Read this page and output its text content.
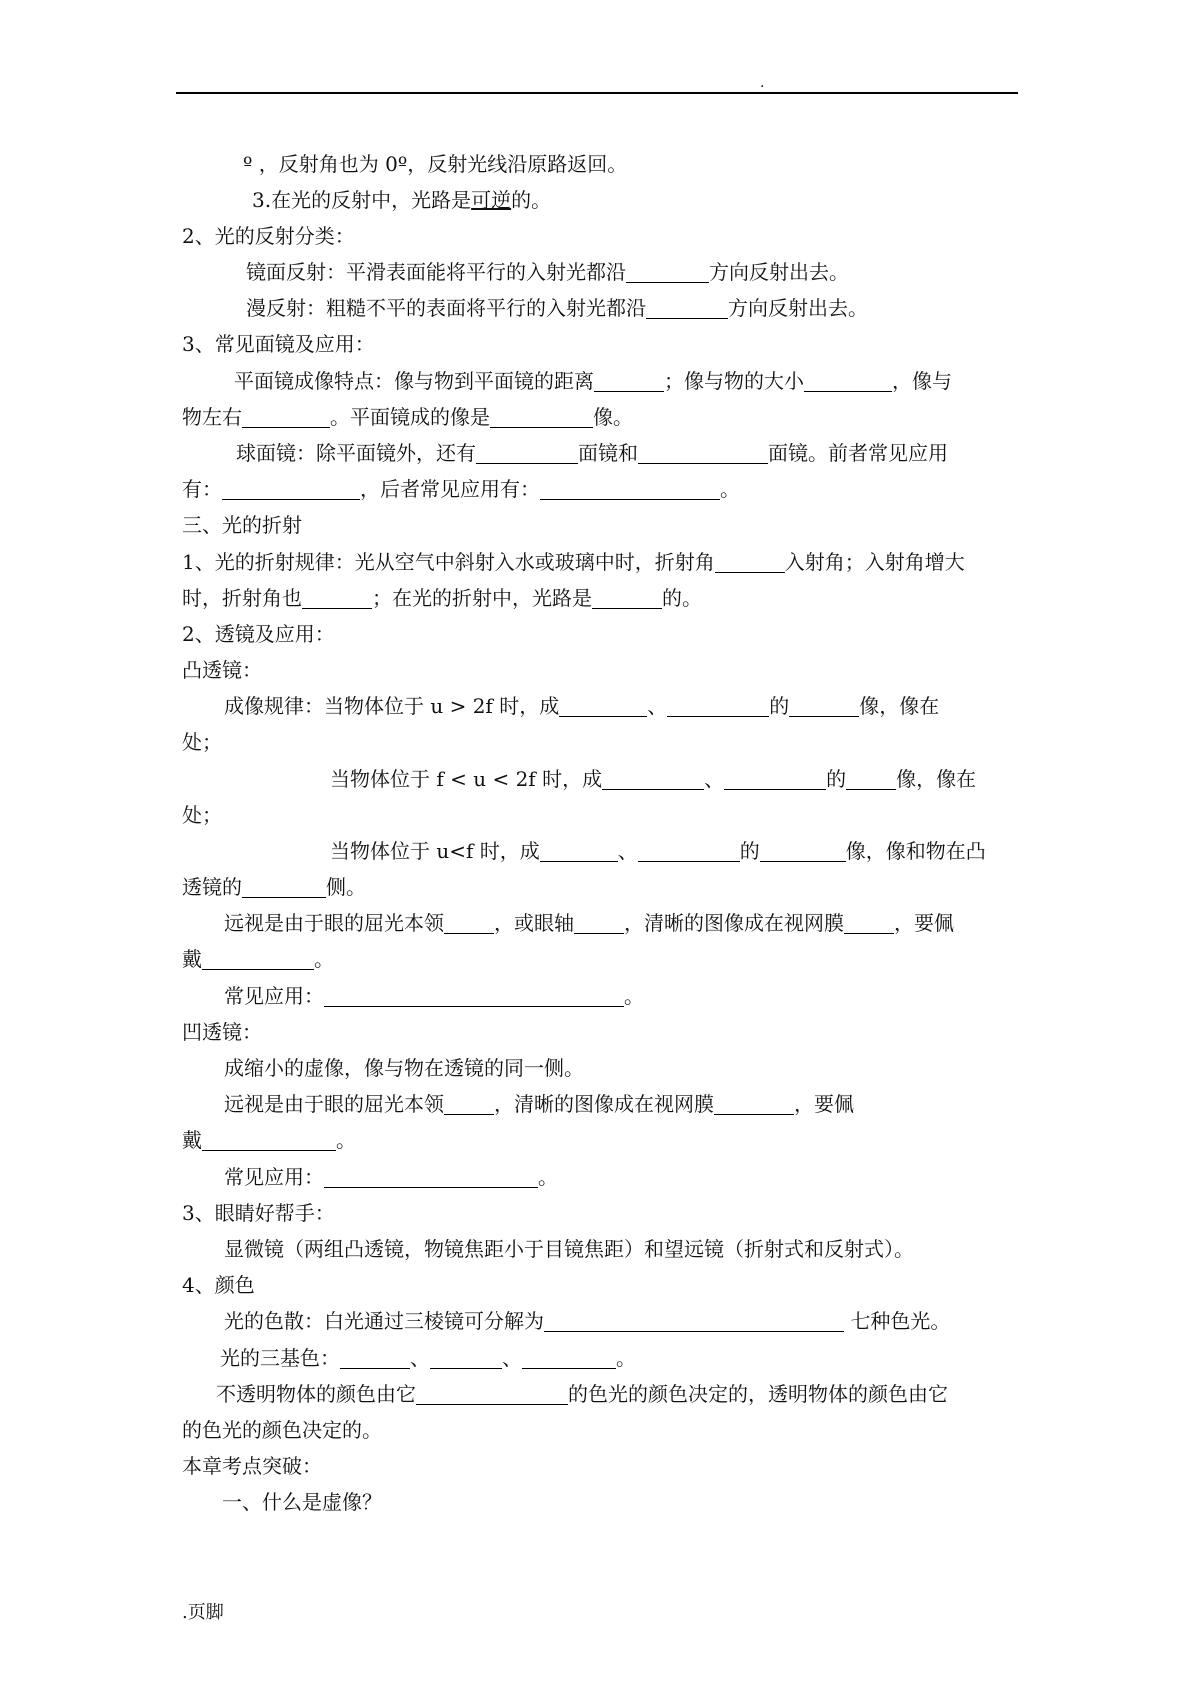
.
º ，反射角也为 0º，反射光线沿原路返回。
3.在光的反射中，光路是可逆的。
2、光的反射分类：
镜面反射：平滑表面能将平行的入射光都沿	方向反射出去。
漫反射：粗糙不平的表面将平行的入射光都沿	方向反射出去。
3、常见面镜及应用：
平面镜成像特点：像与物到平面镜的距离	；像与物的大小	，像与
物左右	。平面镜成的像是	像。
球面镜：除平面镜外，还有	面镜和	面镜。前者常见应用
有：	，后者常见应用有：	。
三、光的折射
1、光的折射规律：光从空气中斜射入水或玻璃中时，折射角	入射角；入射角增大
时，折射角也	；在光的折射中，光路是	的。
2、透镜及应用：
凸透镜：
成像规律：当物体位于 u > 2f 时，成	、	的	像，像在
处；
当物体位于 f < u < 2f 时，成	、	的	像，像在
处；
当物体位于 u<f 时，成	、	的	像，像和物在凸
透镜的	侧。
远视是由于眼的屈光本领	，或眼轴	，清晰的图像成在视网膜	，要佩
戴	。
常见应用：	。
凹透镜：
成缩小的虚像，像与物在透镜的同一侧。
远视是由于眼的屈光本领	，清晰的图像成在视网膜	，要佩
戴	。
常见应用：	。
3、眼睛好帮手：
显微镜（两组凸透镜，物镜焦距小于目镜焦距）和望远镜（折射式和反射式）。
4、颜色
光的色散：白光通过三棱镜可分解为	七种色光。
光的三基色：	、	、	。
不透明物体的颜色由它	的色光的颜色决定的，透明物体的颜色由它
的色光的颜色决定的。
本章考点突破：
一、什么是虚像？
.页脚
